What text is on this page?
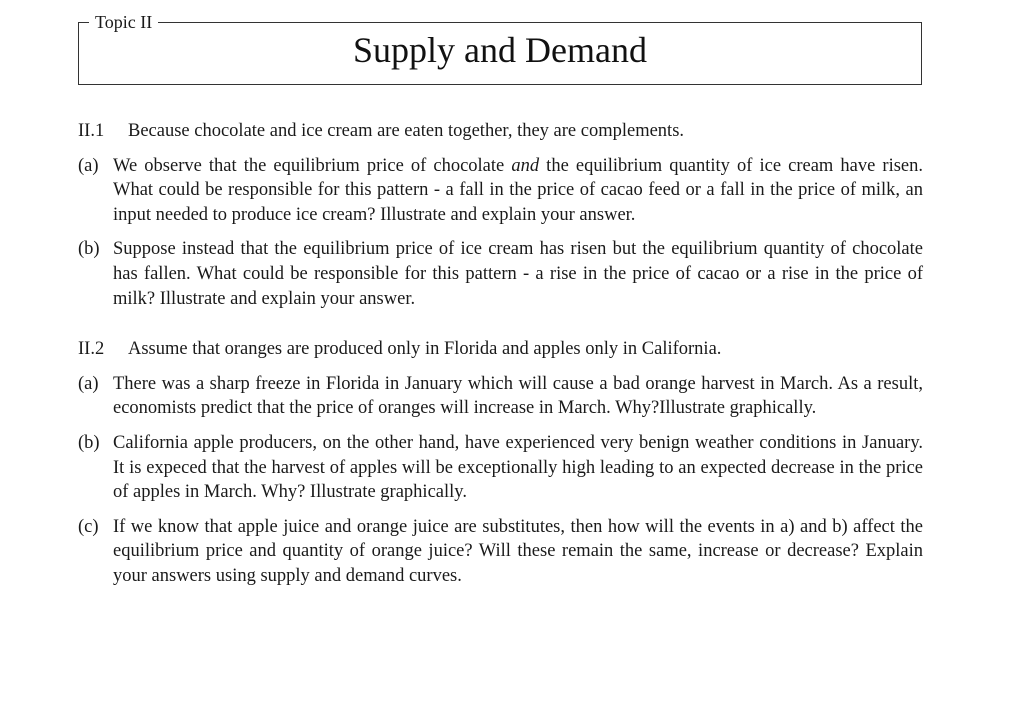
Topic II
Supply and Demand
II.1	Because chocolate and ice cream are eaten together, they are complements.
(a) We observe that the equilibrium price of chocolate and the equilibrium quantity of ice cream have risen. What could be responsible for this pattern - a fall in the price of cacao feed or a fall in the price of milk, an input needed to produce ice cream? Illustrate and explain your answer.
(b) Suppose instead that the equilibrium price of ice cream has risen but the equilibrium quantity of chocolate has fallen. What could be responsible for this pattern - a rise in the price of cacao or a rise in the price of milk? Illustrate and explain your answer.
II.2	Assume that oranges are produced only in Florida and apples only in California.
(a) There was a sharp freeze in Florida in January which will cause a bad orange harvest in March. As a result, economists predict that the price of oranges will increase in March. Why?Illustrate graphically.
(b) California apple producers, on the other hand, have experienced very benign weather conditions in January. It is expeced that the harvest of apples will be exceptionally high leading to an expected decrease in the price of apples in March. Why? Illustrate graphically.
(c) If we know that apple juice and orange juice are substitutes, then how will the events in a) and b) affect the equilibrium price and quantity of orange juice? Will these remain the same, increase or decrease? Explain your answers using supply and demand curves.
